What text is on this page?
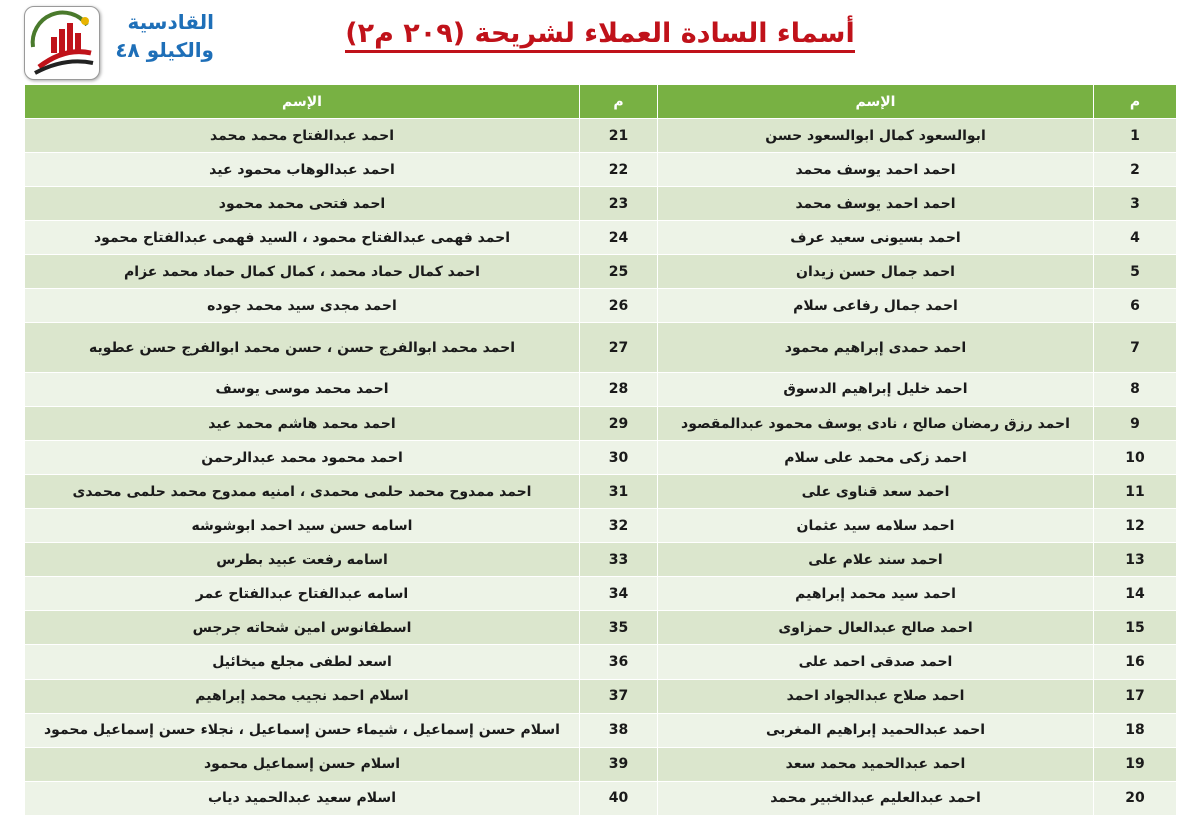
القادسية
والكيلو ٤٨
أسماء السادة العملاء لشريحة (٢٠٩ م٢)
م	الإسم	م	الإسم
1	ابوالسعود كمال ابوالسعود حسن	21	احمد عبدالفتاح محمد محمد
2	احمد احمد يوسف محمد	22	احمد عبدالوهاب محمود عيد
3	احمد احمد يوسف محمد	23	احمد فتحى محمد محمود
4	احمد بسيونى سعيد عرف	24	احمد فهمى عبدالفتاح محمود ، السيد فهمى عبدالفتاح محمود
5	احمد جمال حسن زيدان	25	احمد كمال حماد محمد ، كمال كمال حماد محمد عزام
6	احمد جمال رفاعى سلام	26	احمد مجدى سيد محمد جوده
7	احمد حمدى إبراهيم محمود	27	احمد محمد ابوالفرج حسن ، حسن محمد ابوالفرج حسن عطويه
8	احمد خليل إبراهيم الدسوق	28	احمد محمد موسى يوسف
9	احمد رزق رمضان صالح ، نادى يوسف محمود عبدالمقصود	29	احمد محمد هاشم محمد عيد
10	احمد زكى محمد على سلام	30	احمد محمود محمد عبدالرحمن
11	احمد سعد قناوى على	31	احمد ممدوح محمد حلمى محمدى ، امنيه ممدوح محمد حلمى محمدى
12	احمد سلامه سيد عثمان	32	اسامه حسن سيد احمد ابوشوشه
13	احمد سند علام على	33	اسامه رفعت عبيد بطرس
14	احمد سيد محمد إبراهيم	34	اسامه عبدالفتاح عبدالفتاح عمر
15	احمد صالح عبدالعال حمزاوى	35	اسطفانوس امين شحاته جرجس
16	احمد صدقى احمد على	36	اسعد لطفى مجلع ميخائيل
17	احمد صلاح عبدالجواد احمد	37	اسلام احمد نجيب محمد إبراهيم
18	احمد عبدالحميد إبراهيم المغربى	38	اسلام حسن إسماعيل ، شيماء حسن إسماعيل ، نجلاء حسن إسماعيل محمود
19	احمد عبدالحميد محمد سعد	39	اسلام حسن إسماعيل محمود
20	احمد عبدالعليم عبدالخبير محمد	40	اسلام سعيد عبدالحميد دياب
